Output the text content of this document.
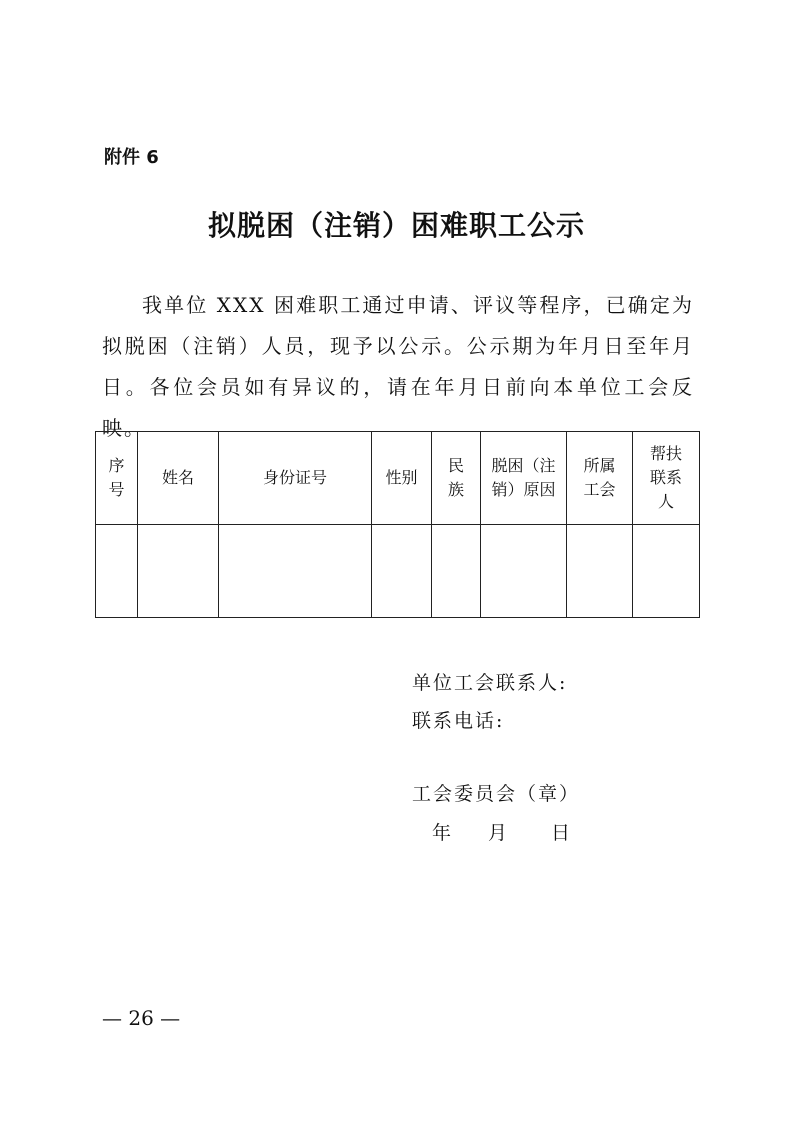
附件 6
拟脱困（注销）困难职工公示

我单位 XXX 困难职工通过申请、评议等程序，已确定为拟脱困（注销）人员，现予以公示。公示期为年月日至年月日。各位会员如有异议的，请在年月日前向本单位工会反映。

序号	姓名	身份证号	性别	民族	脱困（注销）原因	所属工会	帮扶联系人

单位工会联系人:
联系电话:
工会委员会（章）
年 月 日
— 26 —
